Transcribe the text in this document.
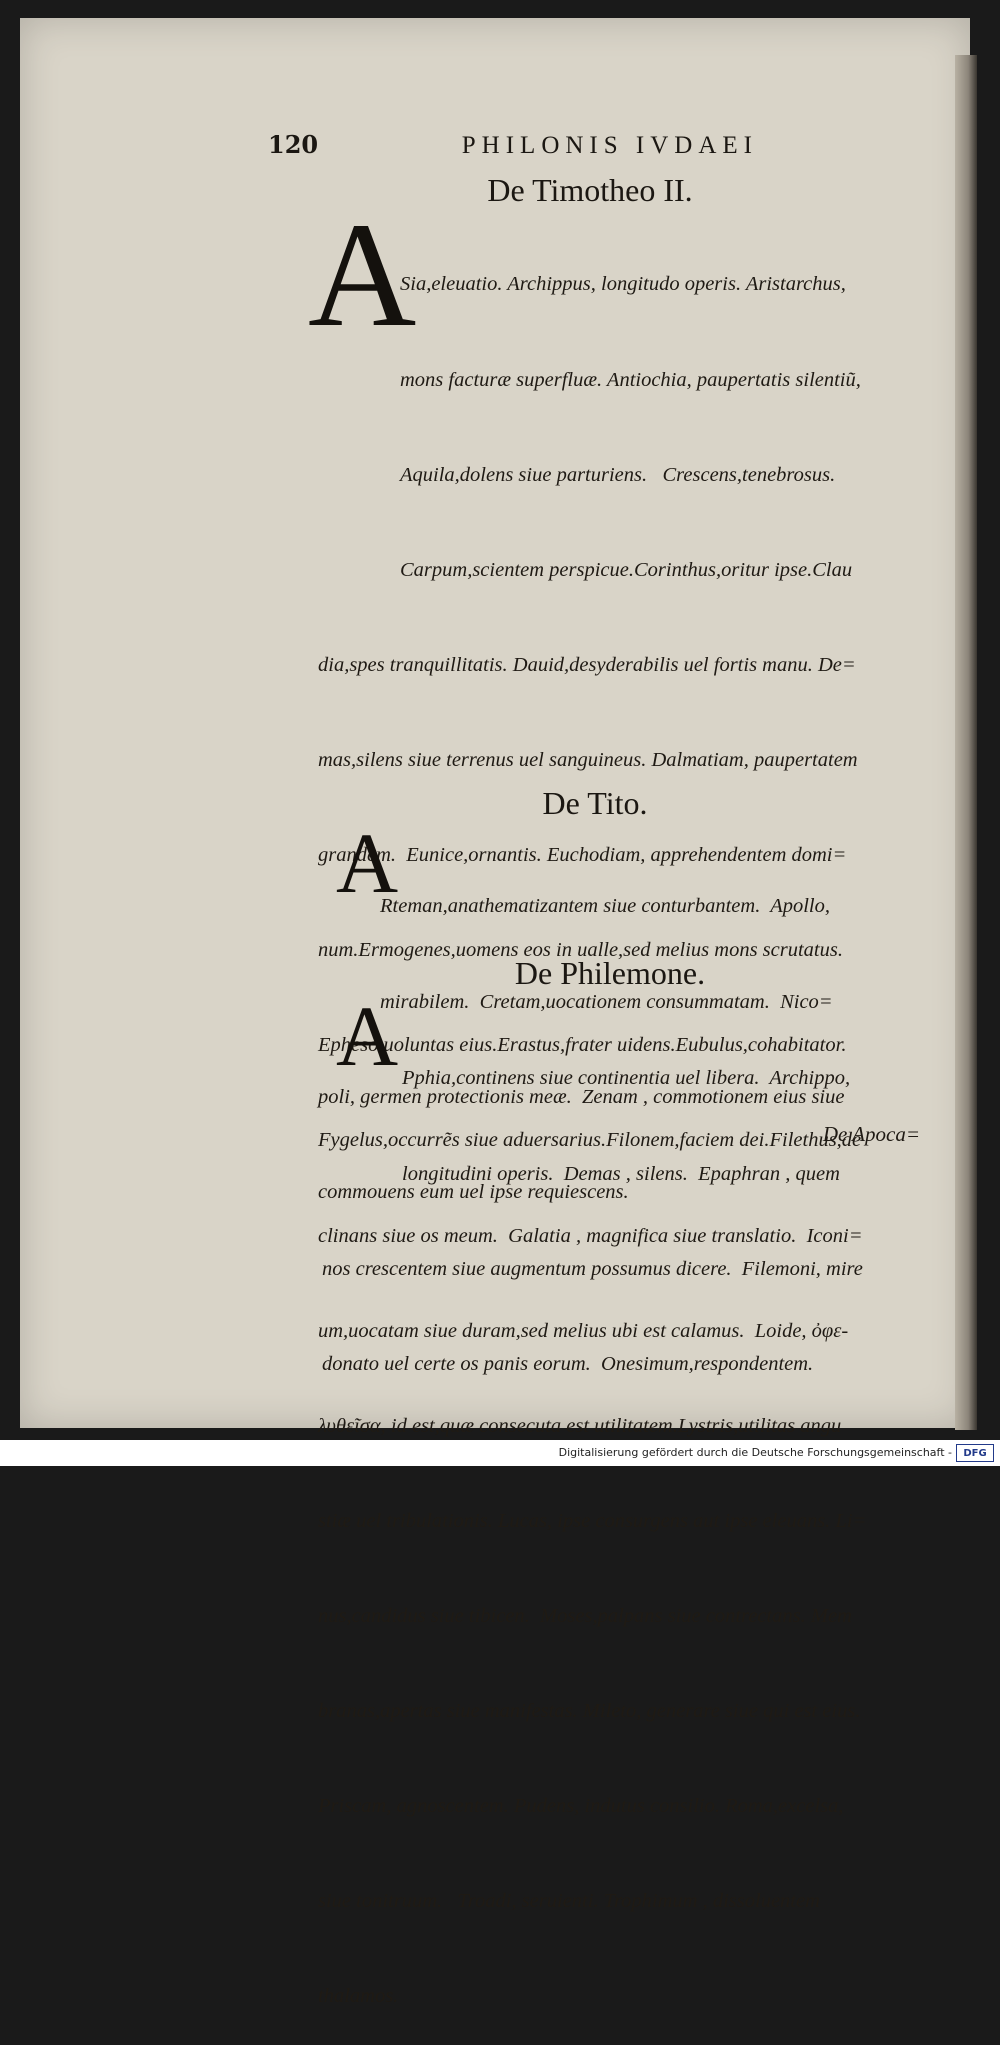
120	PHILONIS IVDAEI
De Timotheo II.
A

Sia,eleuatio. Archippus, longitudo operis. Aristarchus,

mons facturæ superfluæ. Antiochia, paupertatis silentiũ,

Aquila,dolens siue parturiens.   Crescens,tenebrosus.

Carpum,scientem perspicue.Corinthus,oritur ipse.Clau

dia,spes tranquillitatis. Dauid,desyderabilis uel fortis manu. De=

mas,silens siue terrenus uel sanguineus. Dalmatiam, paupertatem

grandem.  Eunice,ornantis. Euchodiam, apprehendentem domi=

num.Ermogenes,uomens eos in ualle,sed melius mons scrutatus.

Epheso,uoluntas eius.Erastus,frater uidens.Eubulus,cohabitator.

Fygelus,occurrẽs siue aduersarius.Filonem,faciem dei.Filethus,de

clinans siue os meum.  Galatia , magnifica siue translatio.  Iconi=

um,uocatam siue duram,sed melius ubi est calamus.  Loide, ὀφε-

λυθεῖσα, id est,quæ consecuta est utilitatem.Lystris,utilitas angu

stiæ uel tribulationis. Lucas, ipse consurgens aut ipse eleuans. Li=

nus,candidus siue tibicen.  Moses,palpans siue contrectans. Mem

branas,apertas siue manifestas. Mileto, generare siue qui est eius.

Priscam, agnoscentem. Pudens, indutus consilio. Roma,excelsa,

siue tonitruum.   Troadi, seruienti. Trophimum , dissoluentem

thalamos.

De Tito.
A

Rteman,anathematizantem siue conturbantem.  Apollo,

mirabilem.  Cretam,uocationem consummatam.  Nico=

poli, germen protectionis meæ.  Zenam , commotionem eius siue

commouens eum uel ipse requiescens.

De Philemone.
A

Pphia,continens siue continentia uel libera.  Archippo,

longitudini operis.  Demas , silens.  Epaphran , quem

nos crescentem siue augmentum possumus dicere.  Filemoni, mire

donato uel certe os panis eorum.  Onesimum,respondentem.

De Apoca=
Digitalisierung gefördert durch die Deutsche Forschungsgemeinschaft -	DFG
